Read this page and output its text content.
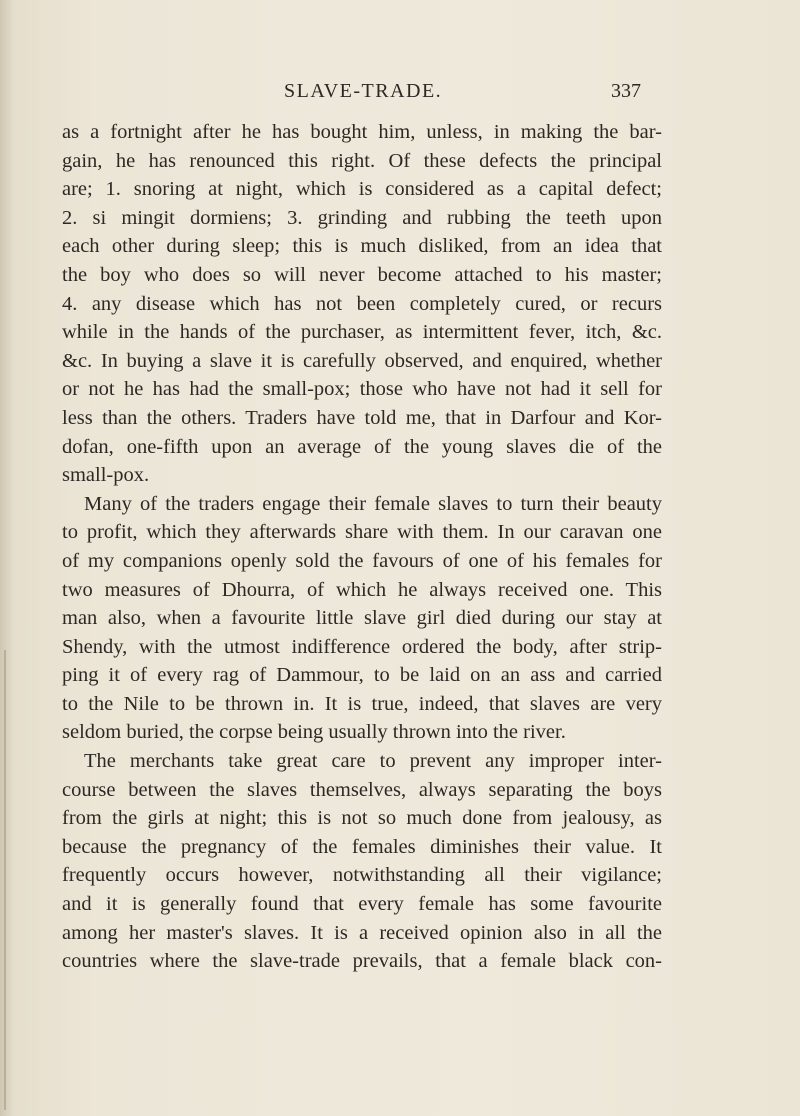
SLAVE-TRADE.	337
as a fortnight after he has bought him, unless, in making the bar-
gain, he has renounced this right. Of these defects the principal
are; 1. snoring at night, which is considered as a capital defect;
2. si mingit dormiens; 3. grinding and rubbing the teeth upon
each other during sleep; this is much disliked, from an idea that
the boy who does so will never become attached to his master;
4. any disease which has not been completely cured, or recurs
while in the hands of the purchaser, as intermittent fever, itch, &c.
&c. In buying a slave it is carefully observed, and enquired, whether
or not he has had the small-pox; those who have not had it sell for
less than the others. Traders have told me, that in Darfour and Kor-
dofan, one-fifth upon an average of the young slaves die of the
small-pox.
Many of the traders engage their female slaves to turn their beauty
to profit, which they afterwards share with them. In our caravan one
of my companions openly sold the favours of one of his females for
two measures of Dhourra, of which he always received one. This
man also, when a favourite little slave girl died during our stay at
Shendy, with the utmost indifference ordered the body, after strip-
ping it of every rag of Dammour, to be laid on an ass and carried
to the Nile to be thrown in. It is true, indeed, that slaves are very
seldom buried, the corpse being usually thrown into the river.
The merchants take great care to prevent any improper inter-
course between the slaves themselves, always separating the boys
from the girls at night; this is not so much done from jealousy, as
because the pregnancy of the females diminishes their value. It
frequently occurs however, notwithstanding all their vigilance;
and it is generally found that every female has some favourite
among her master's slaves. It is a received opinion also in all the
countries where the slave-trade prevails, that a female black con-
